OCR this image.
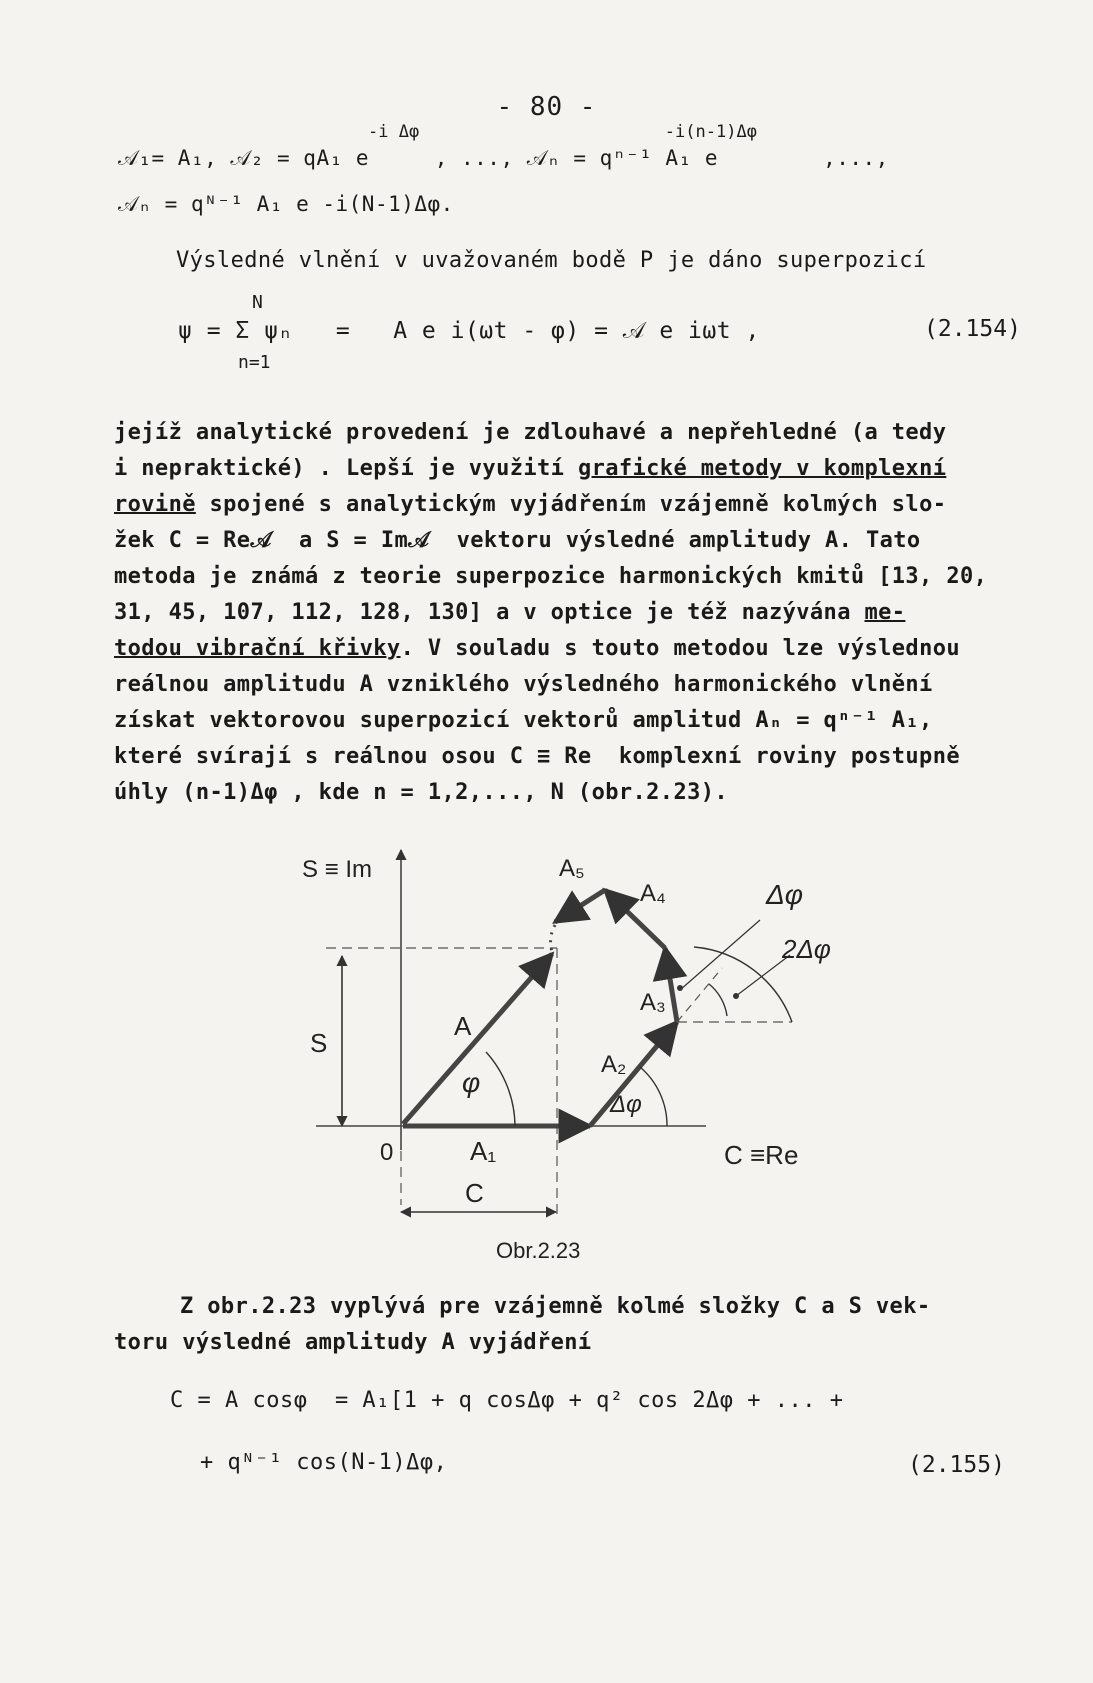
- 80 -
-i Δφ                        -i(n-1)Δφ
𝒜₁= A₁, 𝒜₂ = qA₁ e     , ..., 𝒜ₙ = qⁿ⁻¹ A₁ e        ,...,
𝒜ₙ = qᴺ⁻¹ A₁ e -i(N-1)Δφ.
Výsledné vlnění v uvažovaném bodě P je dáno superpozicí
N
ψ = Σ ψₙ   =   A e i(ωt - φ) = 𝒜 e iωt ,
n=1
(2.154)
jejíž analytické provedení je zdlouhavé a nepřehledné (a tedy
i nepraktické) . Lepší je využití grafické metody v komplexní
rovině spojené s analytickým vyjádřením vzájemně kolmých slo-
žek C = Re𝒜  a S = Im𝒜  vektoru výsledné amplitudy A. Tato
metoda je známá z teorie superpozice harmonických kmitů [13, 20,
31, 45, 107, 112, 128, 130] a v optice je též nazývána me-
todou vibrační křivky. V souladu s touto metodou lze výslednou
reálnou amplitudu A vzniklého výsledného harmonického vlnění
získat vektorovou superpozicí vektorů amplitud Aₙ = qⁿ⁻¹ A₁,
které svírají s reálnou osou C ≡ Re  komplexní roviny postupně
úhly (n-1)Δφ , kde n = 1,2,..., N (obr.2.23).
S ≡ Im
C ≡Re
0
S
C
A
φ
A₁
A₂
A₃
A₄
A₅
Δφ
Δφ
2Δφ
Obr.2.23
Z obr.2.23 vyplývá pre vzájemně kolmé složky C a S vek-
toru výsledné amplitudy A vyjádření
C = A cosφ  = A₁[1 + q cosΔφ + q² cos 2Δφ + ... +
+ qᴺ⁻¹ cos(N-1)Δφ,	(2.155)
